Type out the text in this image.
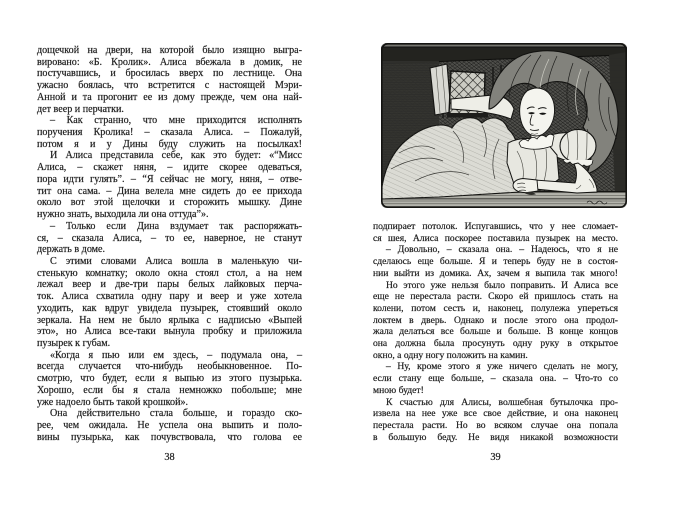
дощечкой на двери, на которой было изящно выгра-
вировано: «Б. Кролик». Алиса вбежала в домик, не
постучавшись, и бросилась вверх по лестнице. Она
ужасно боялась, что встретится с настоящей Мэри-
Анной и та прогонит ее из дому прежде, чем она най-
дет веер и перчатки.
– Как странно, что мне приходится исполнять
поручения Кролика! – сказала Алиса. – Пожалуй,
потом я и у Дины буду служить на посылках!
И Алиса представила себе, как это будет: «“Мисс
Алиса, – скажет няня, – идите скорее одеваться,
пора идти гулять”. – “Я сейчас не могу, няня, – отве-
тит она сама. – Дина велела мне сидеть до ее прихода
около вот этой щелочки и сторожить мышку. Дине
нужно знать, выходила ли она оттуда”».
– Только если Дина вздумает так распоряжать-
ся, – сказала Алиса, – то ее, наверное, не станут
держать в доме.
С этими словами Алиса вошла в маленькую чи-
стенькую комнатку; около окна стоял стол, а на нем
лежал веер и две-три пары белых лайковых перча-
ток. Алиса схватила одну пару и веер и уже хотела
уходить, как вдруг увидела пузырек, стоявший около
зеркала. На нем не было ярлыка с надписью «Выпей
это», но Алиса все-таки вынула пробку и приложила
пузырек к губам.
«Когда я пью или ем здесь, – подумала она, –
всегда случается что-нибудь необыкновенное. По-
смотрю, что будет, если я выпью из этого пузырька.
Хорошо, если бы я стала немножко побольше; мне
уже надоело быть такой крошкой».
Она действительно стала больше, и гораздо ско-
рее, чем ожидала. Не успела она выпить и поло-
вины пузырька, как почувствовала, что голова ее
38
подпирает потолок. Испугавшись, что у нее сломает-
ся шея, Алиса поскорее поставила пузырек на место.
– Довольно, – сказала она. – Надеюсь, что я не
сделаюсь еще больше. Я и теперь буду не в состоя-
нии выйти из домика. Ах, зачем я выпила так много!
Но этого уже нельзя было поправить. И Алиса все
еще не перестала расти. Скоро ей пришлось стать на
колени, потом сесть и, наконец, полулежа упереться
локтем в дверь. Однако и после этого она продол-
жала делаться все больше и больше. В конце концов
она должна была просунуть одну руку в открытое
окно, а одну ногу положить на камин.
– Ну, кроме этого я уже ничего сделать не могу,
если стану еще больше, – сказала она. – Что-то со
мною будет!
К счастью для Алисы, волшебная бутылочка про-
извела на нее уже все свое действие, и она наконец
перестала расти. Но во всяком случае она попала
в большую беду. Не видя никакой возможности
39
